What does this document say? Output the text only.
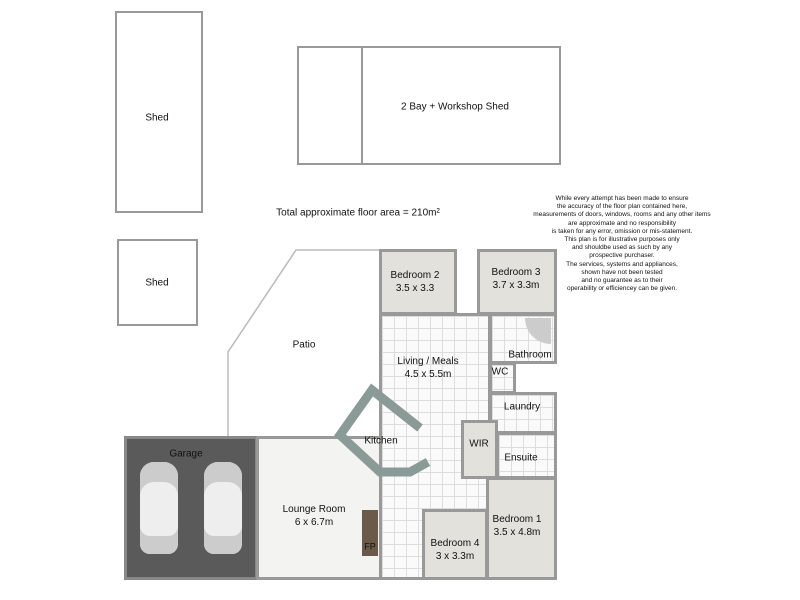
Shed
2 Bay + Workshop Shed
Shed
Total approximate floor area = 210m²
While every attempt has been made to ensure
the accuracy of the floor plan contained here,
measurements of doors, windows, rooms and any other items
are approximate and no responsibility
is taken for any error, omission or mis-statement.
This plan is for illustrative purposes only
and shouldbe used as such by any
prospective purchaser.
The services, systems and appliances,
shown have not been tested
and no guarantee as to their
operability or efficiencey can be given.
Patio
Garage
Lounge Room
6 x 6.7m
FP
Living / Meals
4.5 x 5.5m
Kitchen
Bedroom 2
3.5 x 3.3
Bedroom 3
3.7 x 3.3m
Bathroom
WC
Laundry
WIR
Ensuite
Bedroom 1
3.5 x 4.8m
Bedroom 4
3 x 3.3m
